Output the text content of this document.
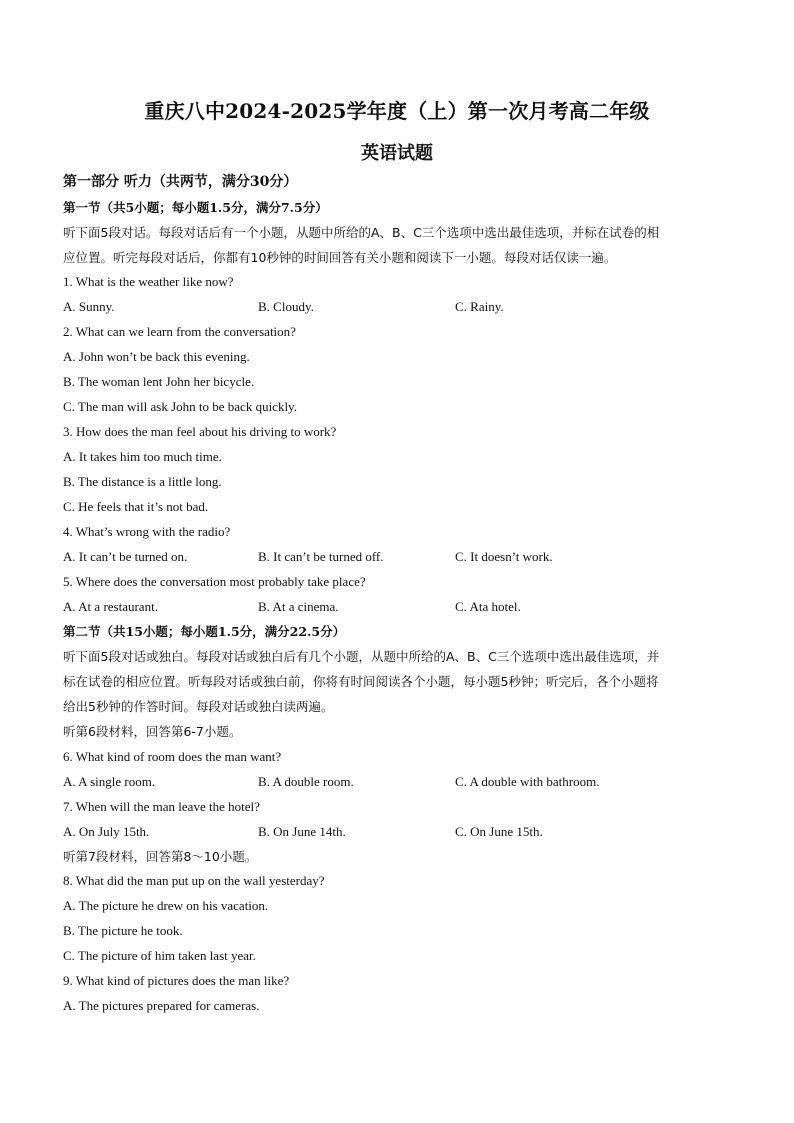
重庆八中2024-2025学年度（上）第一次月考高二年级
英语试题
第一部分 听力（共两节，满分30分）
第一节（共5小题；每小题1.5分，满分7.5分）
听下面5段对话。每段对话后有一个小题，从题中所给的A、B、C三个选项中选出最佳选项，并标在试卷的相
应位置。听完每段对话后，你都有10秒钟的时间回答有关小题和阅读下一小题。每段对话仅读一遍。
1. What is the weather like now?
A. Sunny.	B. Cloudy.	C. Rainy.
2. What can we learn from the conversation?
A. John won’t be back this evening.
B. The woman lent John her bicycle.
C. The man will ask John to be back quickly.
3. How does the man feel about his driving to work?
A. It takes him too much time.
B. The distance is a little long.
C. He feels that it’s not bad.
4. What’s wrong with the radio?
A. It can’t be turned on.	B. It can’t be turned off.	C. It doesn’t work.
5. Where does the conversation most probably take place?
A. At a restaurant.	B. At a cinema.	C. Ata hotel.
第二节（共15小题；每小题1.5分，满分22.5分）
听下面5段对话或独白。每段对话或独白后有几个小题，从题中所给的A、B、C三个选项中选出最佳选项，并
标在试卷的相应位置。听每段对话或独白前，你将有时间阅读各个小题，每小题5秒钟；听完后，各个小题将
给出5秒钟的作答时间。每段对话或独白读两遍。
听第6段材料，回答第6-7小题。
6. What kind of room does the man want?
A. A single room.	B. A double room.	C. A double with bathroom.
7. When will the man leave the hotel?
A. On July 15th.	B. On June 14th.	C. On June 15th.
听第7段材料，回答第8～10小题。
8. What did the man put up on the wall yesterday?
A. The picture he drew on his vacation.
B. The picture he took.
C. The picture of him taken last year.
9. What kind of pictures does the man like?
A. The pictures prepared for cameras.
